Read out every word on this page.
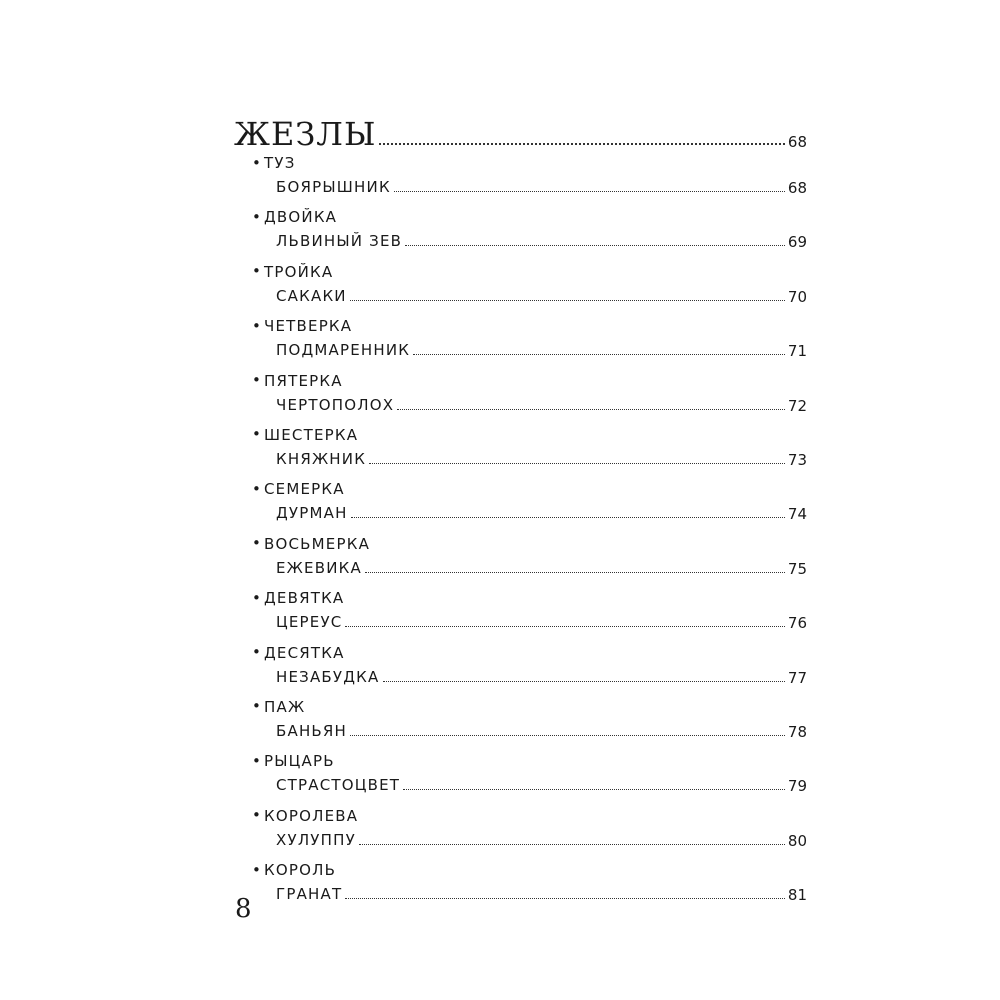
ЖЕЗЛЫ	68
• ТУЗ
БОЯРЫШНИК	68
• ДВОЙКА
ЛЬВИНЫЙ ЗЕВ	69
• ТРОЙКА
САКАКИ	70
• ЧЕТВЕРКА
ПОДМАРЕННИК	71
• ПЯТЕРКА
ЧЕРТОПОЛОХ	72
• ШЕСТЕРКА
КНЯЖНИК	73
• СЕМЕРКА
ДУРМАН	74
• ВОСЬМЕРКА
ЕЖЕВИКА	75
• ДЕВЯТКА
ЦЕРЕУС	76
• ДЕСЯТКА
НЕЗАБУДКА	77
• ПАЖ
БАНЬЯН	78
• РЫЦАРЬ
СТРАСТОЦВЕТ	79
• КОРОЛЕВА
ХУЛУППУ	80
• КОРОЛЬ
ГРАНАТ	81
8
